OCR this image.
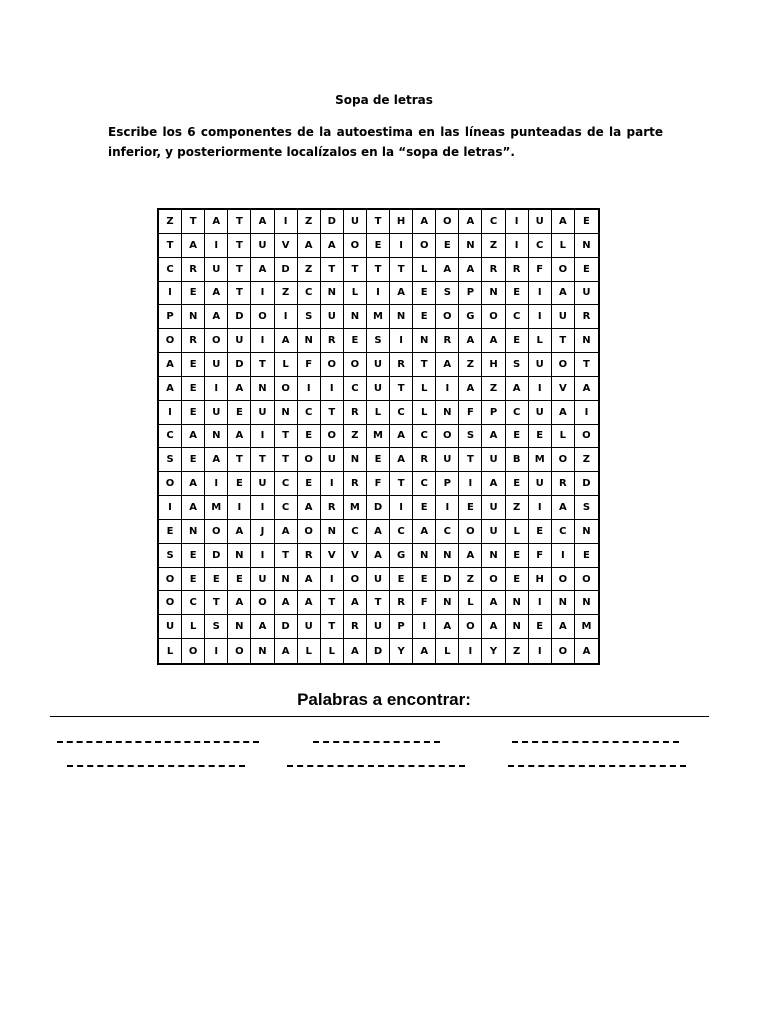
Sopa de letras
Escribe los 6 componentes de la autoestima en las líneas punteadas de la parte inferior, y posteriormente localízalos en la “sopa de letras”.
Z	T	A	T	A	I	Z	D	U	T	H	A	O	A	C	I	U	A	E
T	A	I	T	U	V	A	A	O	E	I	O	E	N	Z	I	C	L	N
C	R	U	T	A	D	Z	T	T	T	T	L	A	A	R	R	F	O	E
I	E	A	T	I	Z	C	N	L	I	A	E	S	P	N	E	I	A	U
P	N	A	D	O	I	S	U	N	M	N	E	O	G	O	C	I	U	R
O	R	O	U	I	A	N	R	E	S	I	N	R	A	A	E	L	T	N
A	E	U	D	T	L	F	O	O	U	R	T	A	Z	H	S	U	O	T
A	E	I	A	N	O	I	I	C	U	T	L	I	A	Z	A	I	V	A
I	E	U	E	U	N	C	T	R	L	C	L	N	F	P	C	U	A	I
C	A	N	A	I	T	E	O	Z	M	A	C	O	S	A	E	E	L	O
S	E	A	T	T	T	O	U	N	E	A	R	U	T	U	B	M	O	Z
O	A	I	E	U	C	E	I	R	F	T	C	P	I	A	E	U	R	D
I	A	M	I	I	C	A	R	M	D	I	E	I	E	U	Z	I	A	S
E	N	O	A	J	A	O	N	C	A	C	A	C	O	U	L	E	C	N
S	E	D	N	I	T	R	V	V	A	G	N	N	A	N	E	F	I	E
O	E	E	E	U	N	A	I	O	U	E	E	D	Z	O	E	H	O	O
O	C	T	A	O	A	A	T	A	T	R	F	N	L	A	N	I	N	N
U	L	S	N	A	D	U	T	R	U	P	I	A	O	A	N	E	A	M
L	O	I	O	N	A	L	L	A	D	Y	A	L	I	Y	Z	I	O	A
Palabras a encontrar:
